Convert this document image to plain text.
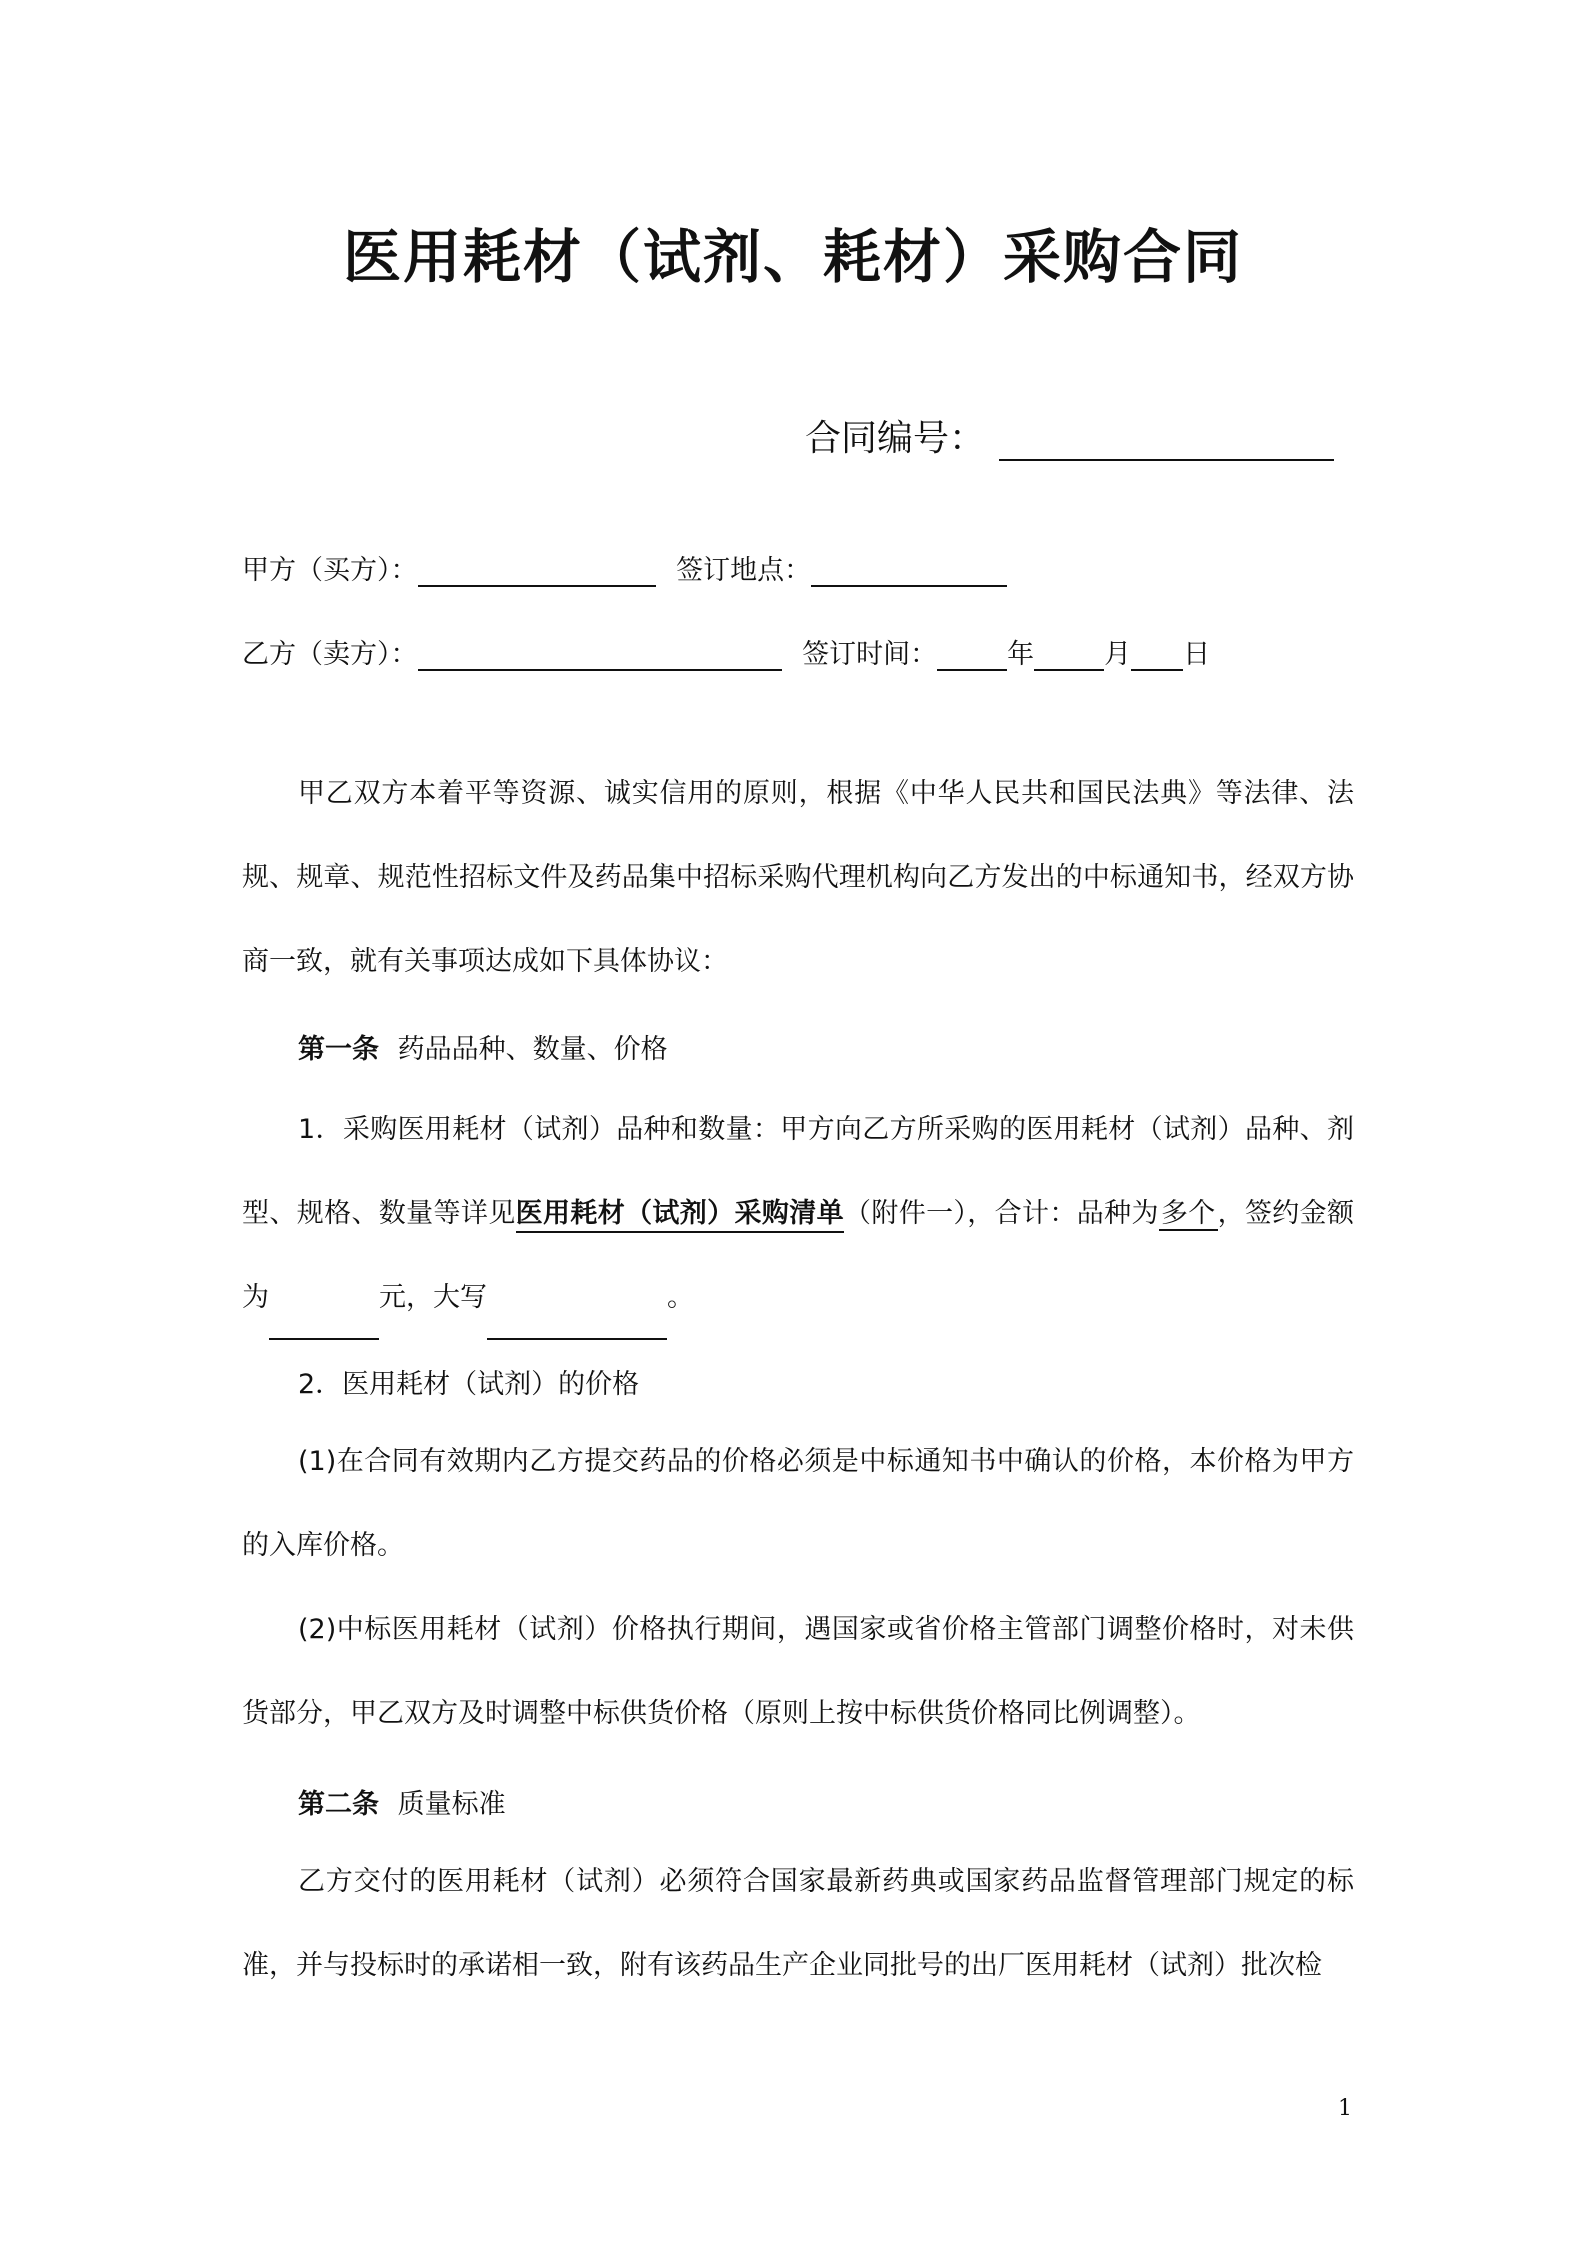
医用耗材（试剂、耗材）采购合同
合同编号：
甲方（买方）：	签订地点：
乙方（卖方）：	签订时间：	年	月 日

甲乙双方本着平等资源、诚实信用的原则，根据《中华人民共和国民法典》等法律、法规、规章、规范性招标文件及药品集中招标采购代理机构向乙方发出的中标通知书，经双方协商一致，就有关事项达成如下具体协议：

第一条 药品品种、数量、价格

1．采购医用耗材（试剂）品种和数量：甲方向乙方所采购的医用耗材（试剂）品种、剂型、规格、数量等详见医用耗材（试剂）采购清单（附件一），合计：品种为多个，签约金额为	元，大写	。

2．医用耗材（试剂）的价格

(1)在合同有效期内乙方提交药品的价格必须是中标通知书中确认的价格，本价格为甲方的入库价格。

(2)中标医用耗材（试剂）价格执行期间，遇国家或省价格主管部门调整价格时，对未供货部分，甲乙双方及时调整中标供货价格（原则上按中标供货价格同比例调整）。

第二条 质量标准

乙方交付的医用耗材（试剂）必须符合国家最新药典或国家药品监督管理部门规定的标准，并与投标时的承诺相一致，附有该药品生产企业同批号的出厂医用耗材（试剂）批次检

1
